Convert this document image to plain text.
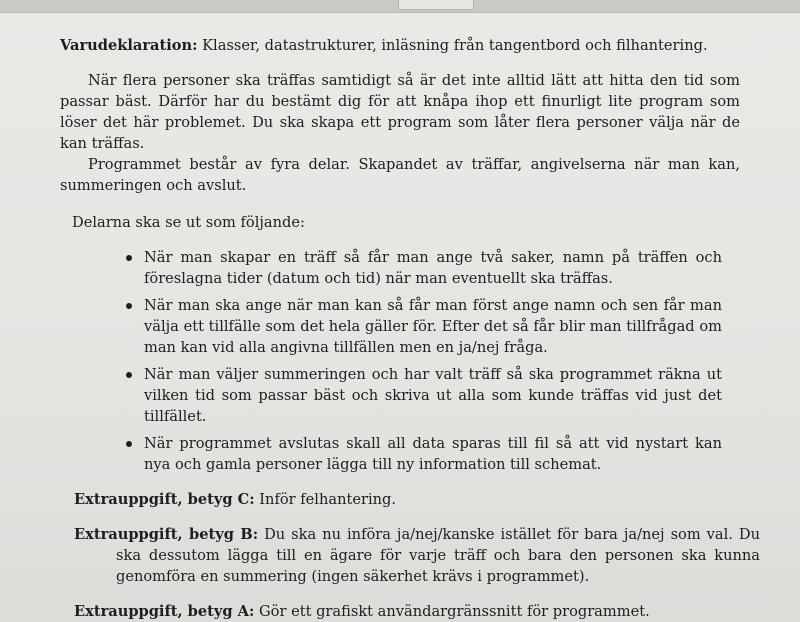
Varudeklaration: Klasser, datastrukturer, inläsning från tangentbord och filhantering.

När flera personer ska träffas samtidigt så är det inte alltid lätt att hitta den tid som passar bäst. Därför har du bestämt dig för att knåpa ihop ett finurligt lite program som löser det här problemet. Du ska skapa ett program som låter flera personer välja när de kan träffas.

Programmet består av fyra delar. Skapandet av träffar, angivelserna när man kan, summeringen och avslut.

Delarna ska se ut som följande:

När man skapar en träff så får man ange två saker, namn på träffen och föreslagna tider (datum och tid) när man eventuellt ska träffas.
När man ska ange när man kan så får man först ange namn och sen får man välja ett tillfälle som det hela gäller för. Efter det så får blir man tillfrågad om man kan vid alla angivna tillfällen men en ja/nej fråga.
När man väljer summeringen och har valt träff så ska programmet räkna ut vilken tid som passar bäst och skriva ut alla som kunde träffas vid just det tillfället.
När programmet avslutas skall all data sparas till fil så att vid nystart kan nya och gamla personer lägga till ny information till schemat.

Extrauppgift, betyg C: Inför felhantering.

Extrauppgift, betyg B: Du ska nu införa ja/nej/kanske istället för bara ja/nej som val. Du ska dessutom lägga till en ägare för varje träff och bara den personen ska kunna genomföra en summering (ingen säkerhet krävs i programmet).

Extrauppgift, betyg A: Gör ett grafiskt användargränssnitt för programmet.
